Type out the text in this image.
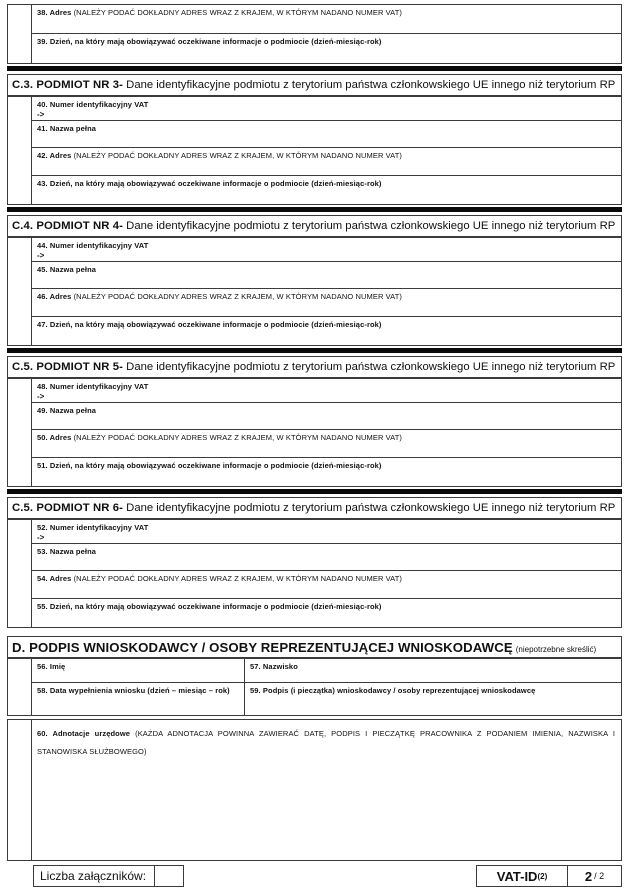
38. Adres (NALEŻY PODAĆ DOKŁADNY ADRES WRAZ Z KRAJEM, W KTÓRYM NADANO NUMER VAT)
39. Dzień, na który mają obowiązywać oczekiwane informacje o podmiocie (dzień-miesiąc-rok)
C.3. PODMIOT NR 3- Dane identyfikacyjne podmiotu z terytorium państwa członkowskiego UE innego niż terytorium RP
40. Numer identyfikacyjny VAT
->
41. Nazwa pełna
42. Adres (NALEŻY PODAĆ DOKŁADNY ADRES WRAZ Z KRAJEM, W KTÓRYM NADANO NUMER VAT)
43. Dzień, na który mają obowiązywać oczekiwane informacje o podmiocie (dzień-miesiąc-rok)
C.4. PODMIOT NR 4- Dane identyfikacyjne podmiotu z terytorium państwa członkowskiego UE innego niż terytorium RP
44. Numer identyfikacyjny VAT
->
45. Nazwa pełna
46. Adres (NALEŻY PODAĆ DOKŁADNY ADRES WRAZ Z KRAJEM, W KTÓRYM NADANO NUMER VAT)
47. Dzień, na który mają obowiązywać oczekiwane informacje o podmiocie (dzień-miesiąc-rok)
C.5. PODMIOT NR 5- Dane identyfikacyjne podmiotu z terytorium państwa członkowskiego UE innego niż terytorium RP
48. Numer identyfikacyjny VAT
->
49. Nazwa pełna
50. Adres (NALEŻY PODAĆ DOKŁADNY ADRES WRAZ Z KRAJEM, W KTÓRYM NADANO NUMER VAT)
51. Dzień, na który mają obowiązywać oczekiwane informacje o podmiocie (dzień-miesiąc-rok)
C.5. PODMIOT NR 6- Dane identyfikacyjne podmiotu z terytorium państwa członkowskiego UE innego niż terytorium RP
52. Numer identyfikacyjny VAT
->
53. Nazwa pełna
54. Adres (NALEŻY PODAĆ DOKŁADNY ADRES WRAZ Z KRAJEM, W KTÓRYM NADANO NUMER VAT)
55. Dzień, na który mają obowiązywać oczekiwane informacje o podmiocie (dzień-miesiąc-rok)
D. PODPIS WNIOSKODAWCY / OSOBY REPREZENTUJĄCEJ WNIOSKODAWCĘ (niepotrzebne skreślić)
56. Imię	57. Nazwisko
58. Data wypełnienia wniosku (dzień – miesiąc – rok)	59. Podpis (i pieczątka) wnioskodawcy / osoby reprezentującej wnioskodawcę
60. Adnotacje urzędowe (KAŻDA ADNOTACJA POWINNA ZAWIERAĆ DATĘ, PODPIS I PIECZĄTKĘ PRACOWNIKA Z PODANIEM IMIENIA, NAZWISKA I STANOWISKA SŁUŻBOWEGO)
Liczba załączników:	VAT-ID (2)	2 / 2
